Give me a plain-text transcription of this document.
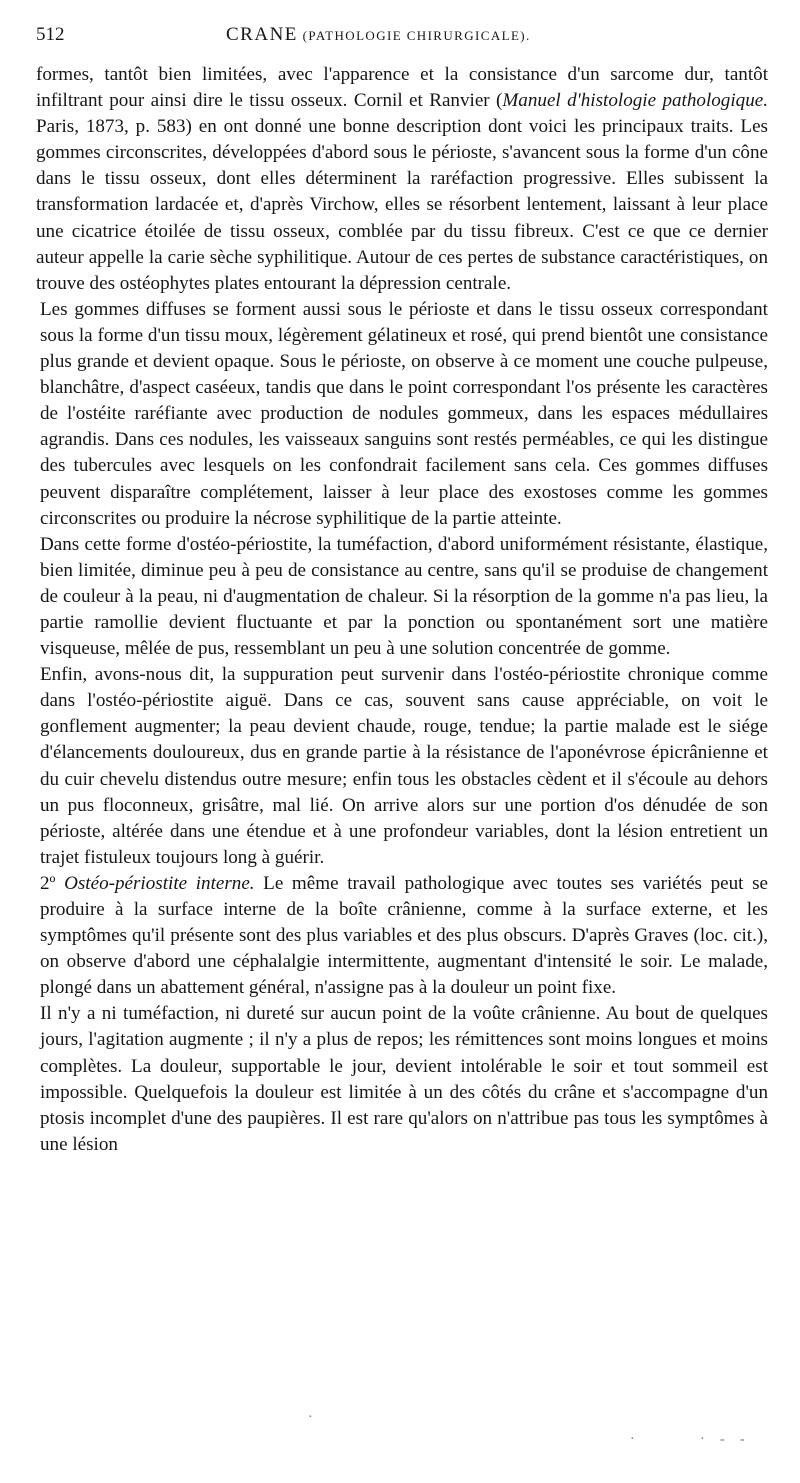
512	CRANE
(PATHOLOGIE CHIRURGICALE).

formes, tantôt bien limitées, avec l'apparence et la consistance d'un sarcome dur, tantôt infiltrant pour ainsi dire le tissu osseux. Cornil et Ranvier (Manuel d'histologie pathologique. Paris, 1873, p. 583) en ont donné une bonne description dont voici les principaux traits. Les gommes circonscrites, développées d'abord sous le périoste, s'avancent sous la forme d'un cône dans le tissu osseux, dont elles déterminent la raréfaction progressive. Elles subissent la transformation lardacée et, d'après Virchow, elles se résorbent lentement, laissant à leur place une cicatrice étoilée de tissu osseux, comblée par du tissu fibreux. C'est ce que ce dernier auteur appelle la carie sèche syphilitique. Autour de ces pertes de substance caractéristiques, on trouve des ostéophytes plates entourant la dépression centrale.

Les gommes diffuses se forment aussi sous le périoste et dans le tissu osseux correspondant sous la forme d'un tissu moux, légèrement gélatineux et rosé, qui prend bientôt une consistance plus grande et devient opaque. Sous le périoste, on observe à ce moment une couche pulpeuse, blanchâtre, d'aspect caséeux, tandis que dans le point correspondant l'os présente les caractères de l'ostéite raréfiante avec production de nodules gommeux, dans les espaces médullaires agrandis. Dans ces nodules, les vaisseaux sanguins sont restés perméables, ce qui les distingue des tubercules avec lesquels on les confondrait facilement sans cela. Ces gommes diffuses peuvent disparaître complétement, laisser à leur place des exostoses comme les gommes circonscrites ou produire la nécrose syphilitique de la partie atteinte.

Dans cette forme d'ostéo-périostite, la tuméfaction, d'abord uniformément résistante, élastique, bien limitée, diminue peu à peu de consistance au centre, sans qu'il se produise de changement de couleur à la peau, ni d'augmentation de chaleur. Si la résorption de la gomme n'a pas lieu, la partie ramollie devient fluctuante et par la ponction ou spontanément sort une matière visqueuse, mêlée de pus, ressemblant un peu à une solution concentrée de gomme.

Enfin, avons-nous dit, la suppuration peut survenir dans l'ostéo-périostite chronique comme dans l'ostéo-périostite aiguë. Dans ce cas, souvent sans cause appréciable, on voit le gonflement augmenter; la peau devient chaude, rouge, tendue; la partie malade est le siége d'élancements douloureux, dus en grande partie à la résistance de l'aponévrose épicrânienne et du cuir chevelu distendus outre mesure; enfin tous les obstacles cèdent et il s'écoule au dehors un pus floconneux, grisâtre, mal lié. On arrive alors sur une portion d'os dénudée de son périoste, altérée dans une étendue et à une profondeur variables, dont la lésion entretient un trajet fistuleux toujours long à guérir.

2º Ostéo-périostite interne. Le même travail pathologique avec toutes ses variétés peut se produire à la surface interne de la boîte crânienne, comme à la surface externe, et les symptômes qu'il présente sont des plus variables et des plus obscurs. D'après Graves (loc. cit.), on observe d'abord une céphalalgie intermittente, augmentant d'intensité le soir. Le malade, plongé dans un abattement général, n'assigne pas à la douleur un point fixe.

Il n'y a ni tuméfaction, ni dureté sur aucun point de la voûte crânienne. Au bout de quelques jours, l'agitation augmente ; il n'y a plus de repos; les rémittences sont moins longues et moins complètes. La douleur, supportable le jour, devient intolérable le soir et tout sommeil est impossible. Quelquefois la douleur est limitée à un des côtés du crâne et s'accompagne d'un ptosis incomplet d'une des paupières. Il est rare qu'alors on n'attribue pas tous les symptômes à une lésion

·
·	· - -
